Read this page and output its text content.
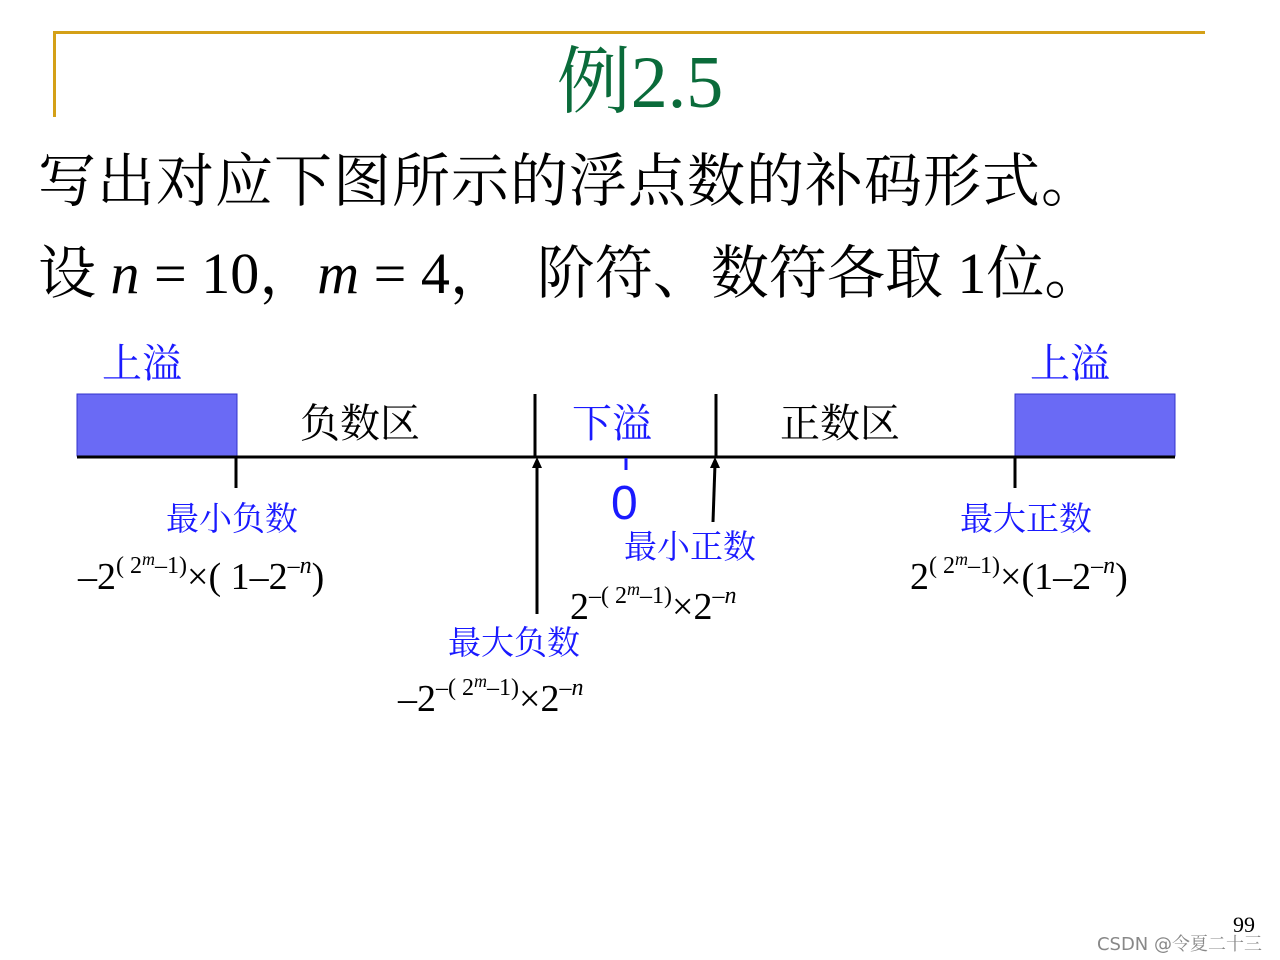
例2.5
写出对应下图所示的浮点数的补码形式。
设 n = 10，m = 4， 阶符、数符各取 1位。
上溢	上溢
负数区	下溢	正数区
0
最小负数
最小正数
最大负数
最大正数
$-2^{( 2^m-1)}\times$( $1-2^{-n}$)
$2^{-( 2^m-1)}\times 2^{-n}$
$-2^{-( 2^m-1)}\times 2^{-n}$
$2^{( 2^m-1)}\times(1-2^{-n})$
99
CSDN @令夏二十三
